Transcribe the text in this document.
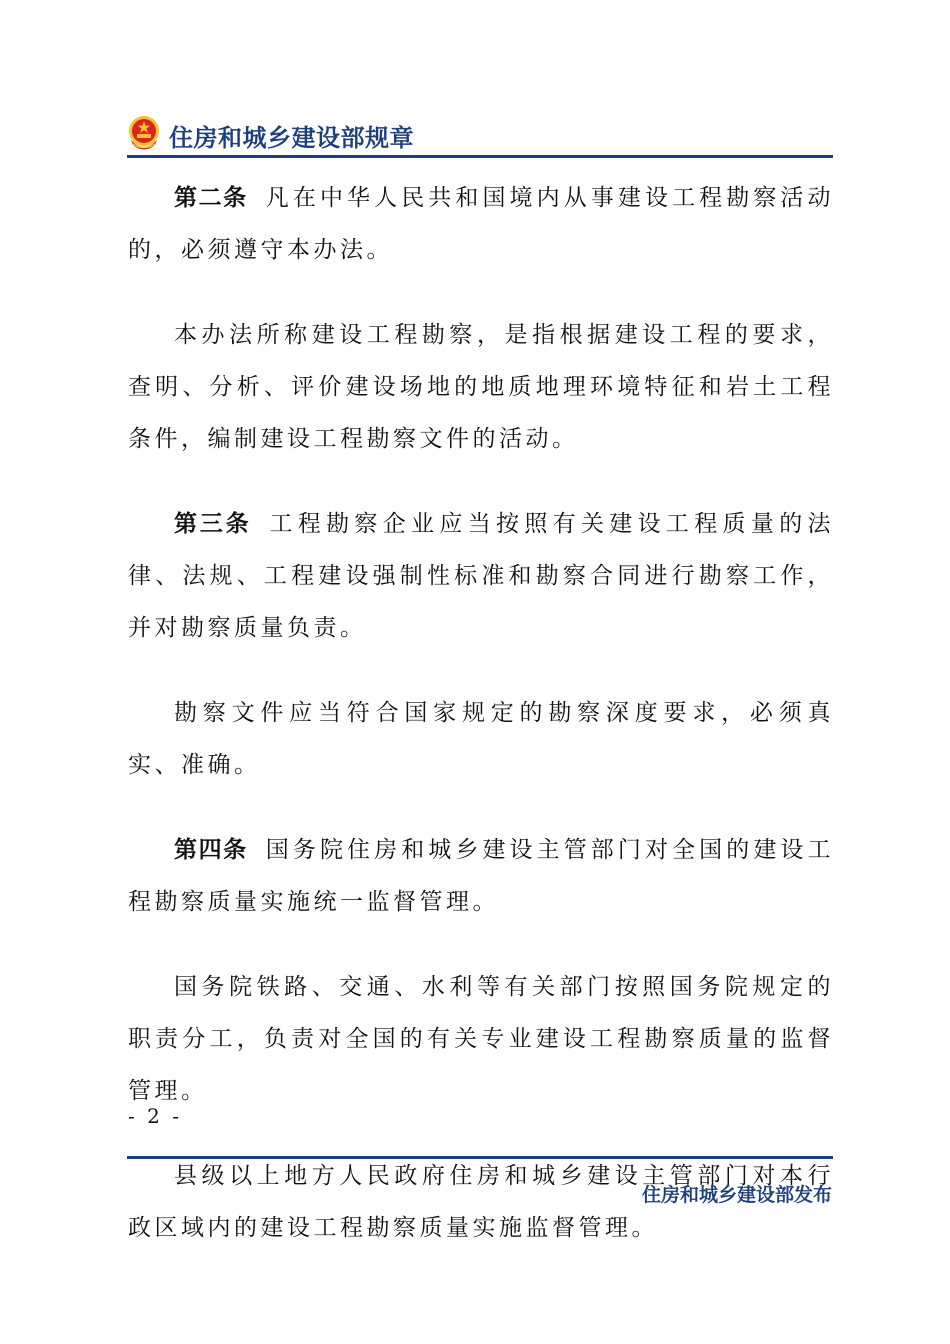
住房和城乡建设部规章

第二条 凡在中华人民共和国境内从事建设工程勘察活动的，必须遵守本办法。

本办法所称建设工程勘察，是指根据建设工程的要求，查明、分析、评价建设场地的地质地理环境特征和岩土工程条件，编制建设工程勘察文件的活动。

第三条 工程勘察企业应当按照有关建设工程质量的法律、法规、工程建设强制性标准和勘察合同进行勘察工作，并对勘察质量负责。

勘察文件应当符合国家规定的勘察深度要求，必须真实、准确。

第四条 国务院住房和城乡建设主管部门对全国的建设工程勘察质量实施统一监督管理。

国务院铁路、交通、水利等有关部门按照国务院规定的职责分工，负责对全国的有关专业建设工程勘察质量的监督管理。

县级以上地方人民政府住房和城乡建设主管部门对本行政区域内的建设工程勘察质量实施监督管理。

- 2 -
住房和城乡建设部发布
